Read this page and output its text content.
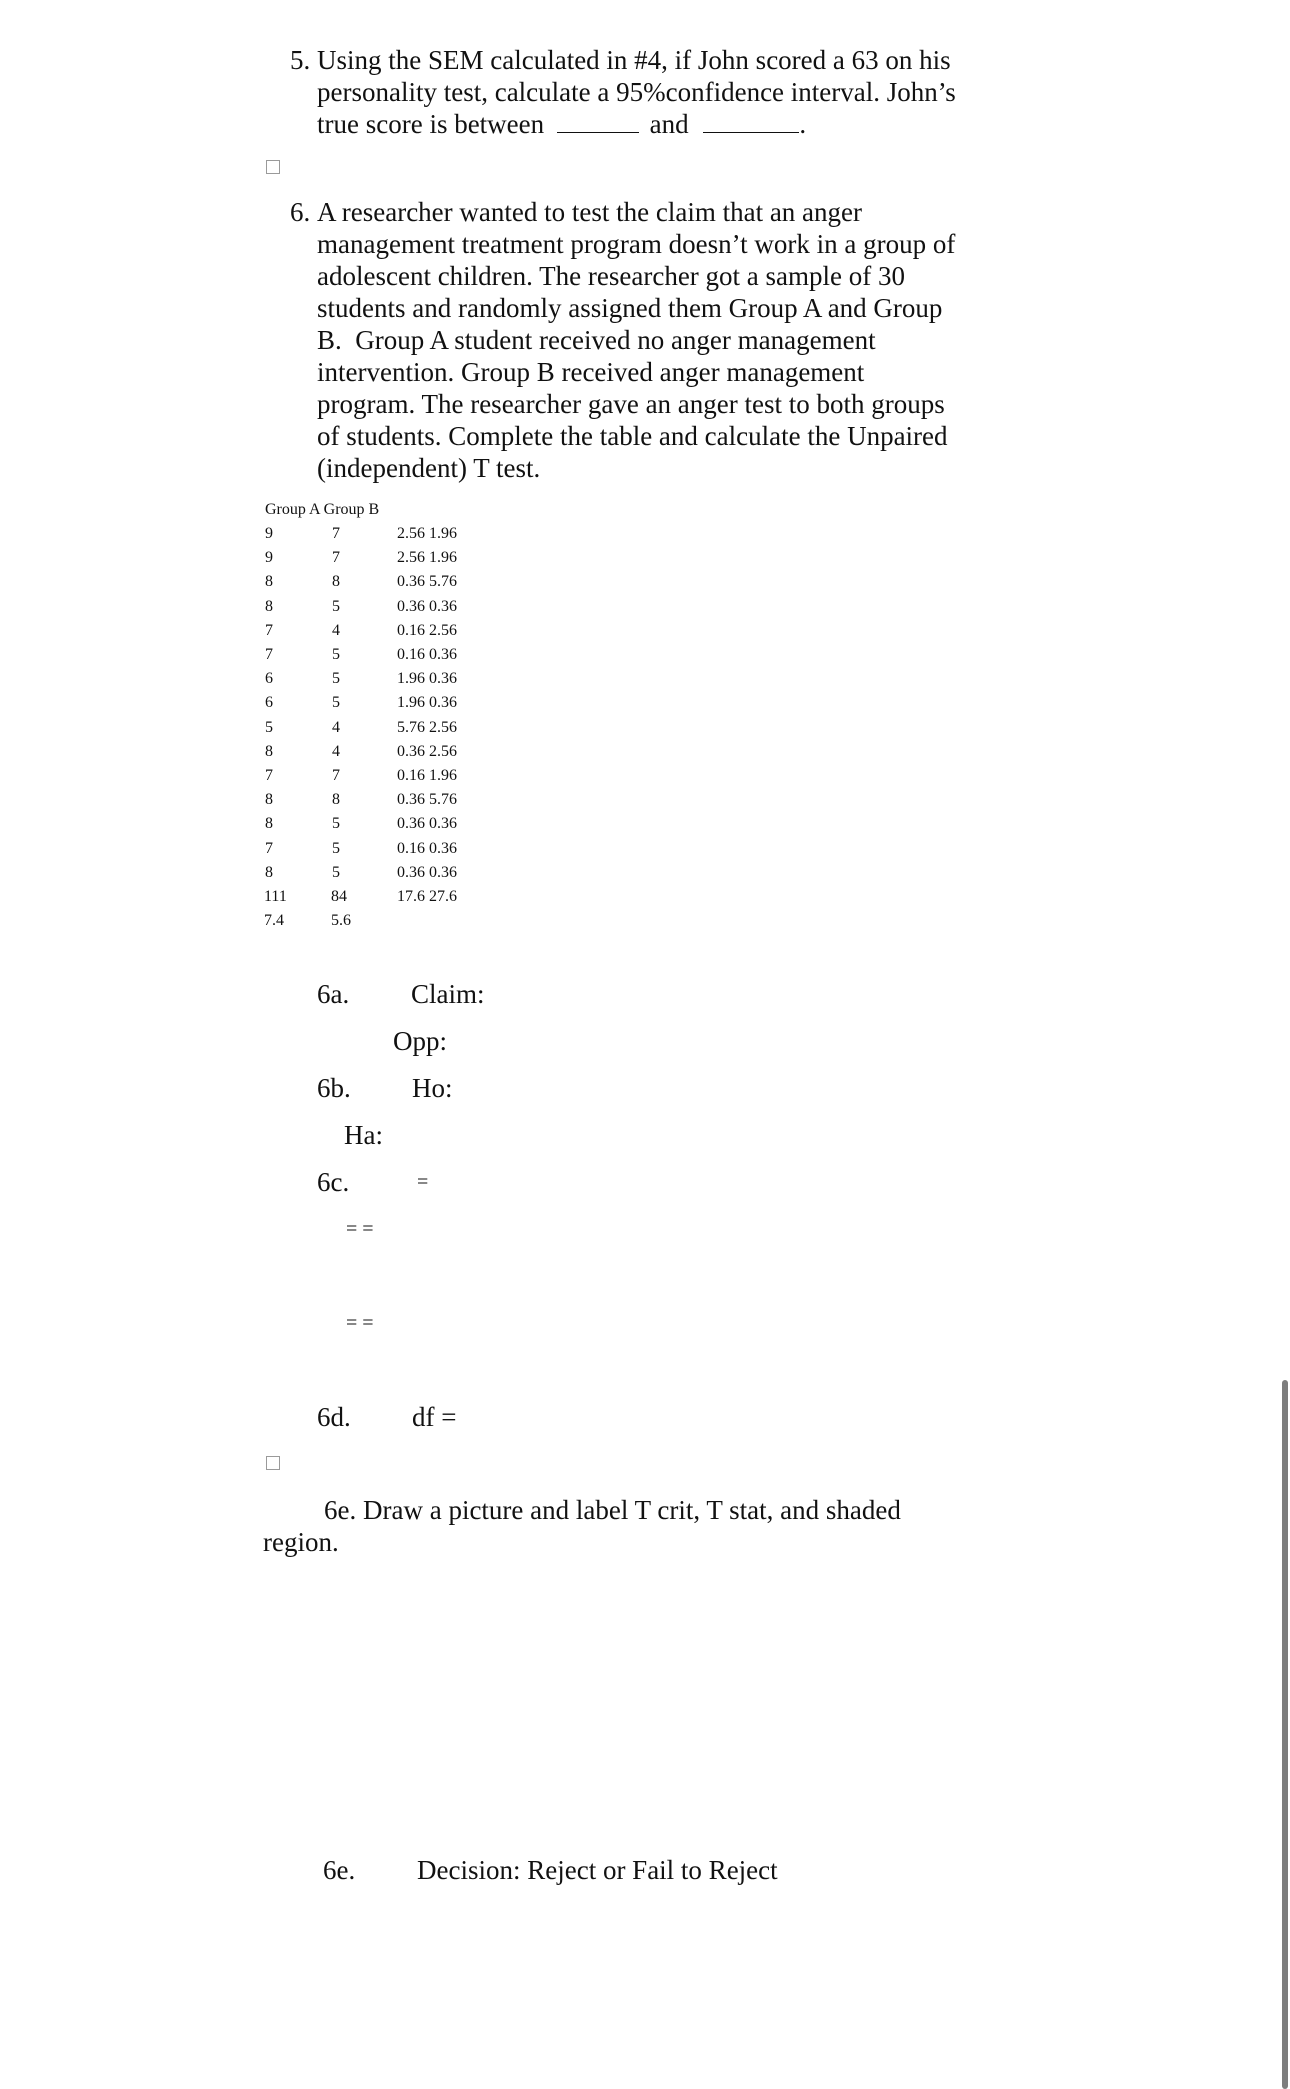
5. Using the SEM calculated in #4, if John scored a 63 on his
personality test, calculate a 95%confidence interval. John’s
true score is between	and	.
6. A researcher wanted to test the claim that an anger
management treatment program doesn’t work in a group of
adolescent children. The researcher got a sample of 30
students and randomly assigned them Group A and Group
B.  Group A student received no anger management
intervention. Group B received anger management
program. The researcher gave an anger test to both groups
of students. Complete the table and calculate the Unpaired
(independent) T test.
Group A Group B
9	7	2.56 1.96
9	7	2.56 1.96
8	8	0.36 5.76
8	5	0.36 0.36
7	4	0.16 2.56
7	5	0.16 0.36
6	5	1.96 0.36
6	5	1.96 0.36
5	4	5.76 2.56
8	4	0.36 2.56
7	7	0.16 1.96
8	8	0.36 5.76
8	5	0.36 0.36
7	5	0.16 0.36
8	5	0.36 0.36
111	84	17.6 27.6
7.4	5.6
6a. Claim:
Opp:
6b. Ho:
Ha:
6c.	=
= =
= =
6d. df =
6e. Draw a picture and label T crit, T stat, and shaded
region.
6e. Decision: Reject or Fail to Reject
